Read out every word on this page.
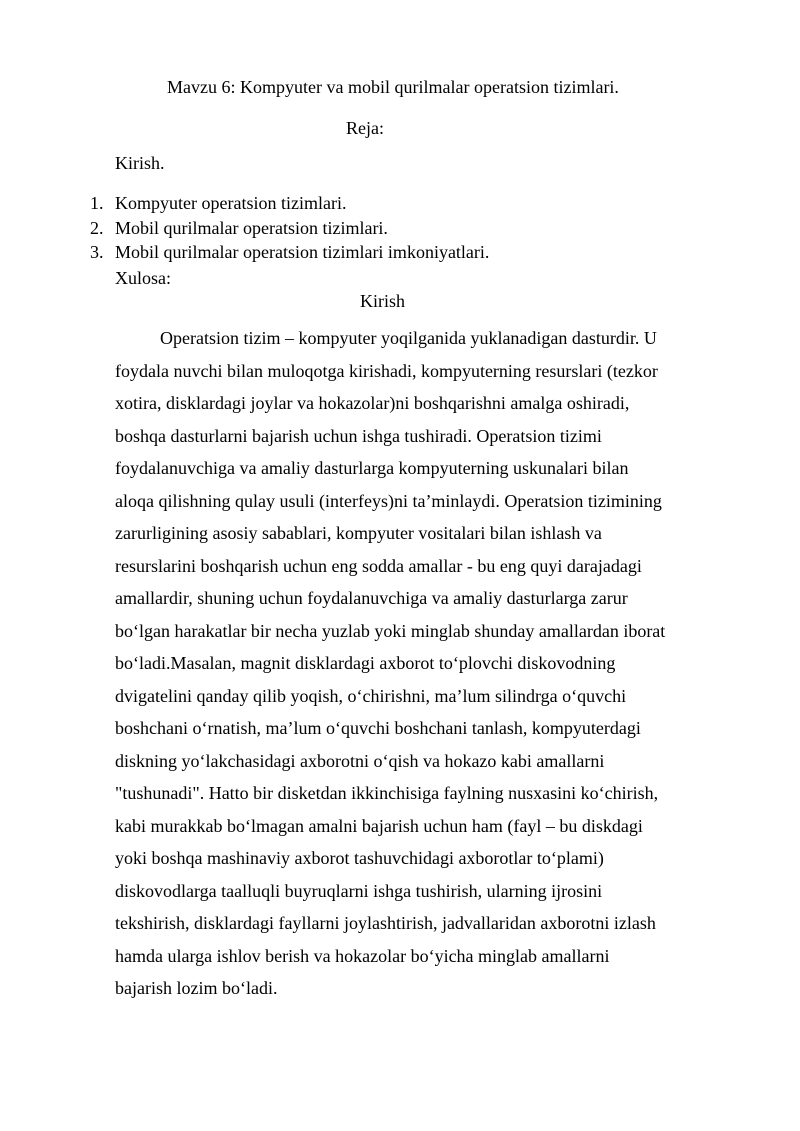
Mavzu 6: Kompyuter va mobil qurilmalar operatsion tizimlari.
Reja:
Kirish.
1. Kompyuter operatsion tizimlari.
2. Mobil qurilmalar operatsion tizimlari.
3. Mobil qurilmalar operatsion tizimlari imkoniyatlari.
Xulosa:
Kirish

Operatsion tizim – kompyuter yoqilganida yuklanadigan dasturdir. U
foydala nuvchi bilan muloqotga kirishadi, kompyuterning resurslari (tezkor
xotira, disklardagi joylar va hokazolar)ni boshqarishni amalga oshiradi,
boshqa dasturlarni bajarish uchun ishga tushiradi. Operatsion tizimi
foydalanuvchiga va amaliy dasturlarga kompyuterning uskunalari bilan
aloqa qilishning qulay usuli (interfeys)ni ta’minlaydi. Operatsion tizimining
zarurligining asosiy sabablari, kompyuter vositalari bilan ishlash va
resurslarini boshqarish uchun eng sodda amallar - bu eng quyi darajadagi
amallardir, shuning uchun foydalanuvchiga va amaliy dasturlarga zarur
bo‘lgan harakatlar bir necha yuzlab yoki minglab shunday amallardan iborat
bo‘ladi.Masalan, magnit disklardagi axborot to‘plovchi diskovodning
dvigatelini qanday qilib yoqish, o‘chirishni, ma’lum silindrga o‘quvchi
boshchani o‘rnatish, ma’lum o‘quvchi boshchani tanlash, kompyuterdagi
diskning yo‘lakchasidagi axborotni o‘qish va hokazo kabi amallarni
"tushunadi". Hatto bir disketdan ikkinchisiga faylning nusxasini ko‘chirish,
kabi murakkab bo‘lmagan amalni bajarish uchun ham (fayl – bu diskdagi
yoki boshqa mashinaviy axborot tashuvchidagi axborotlar to‘plami)
diskovodlarga taalluqli buyruqlarni ishga tushirish, ularning ijrosini
tekshirish, disklardagi fayllarni joylashtirish, jadvallaridan axborotni izlash
hamda ularga ishlov berish va hokazolar bo‘yicha minglab amallarni
bajarish lozim bo‘ladi.
